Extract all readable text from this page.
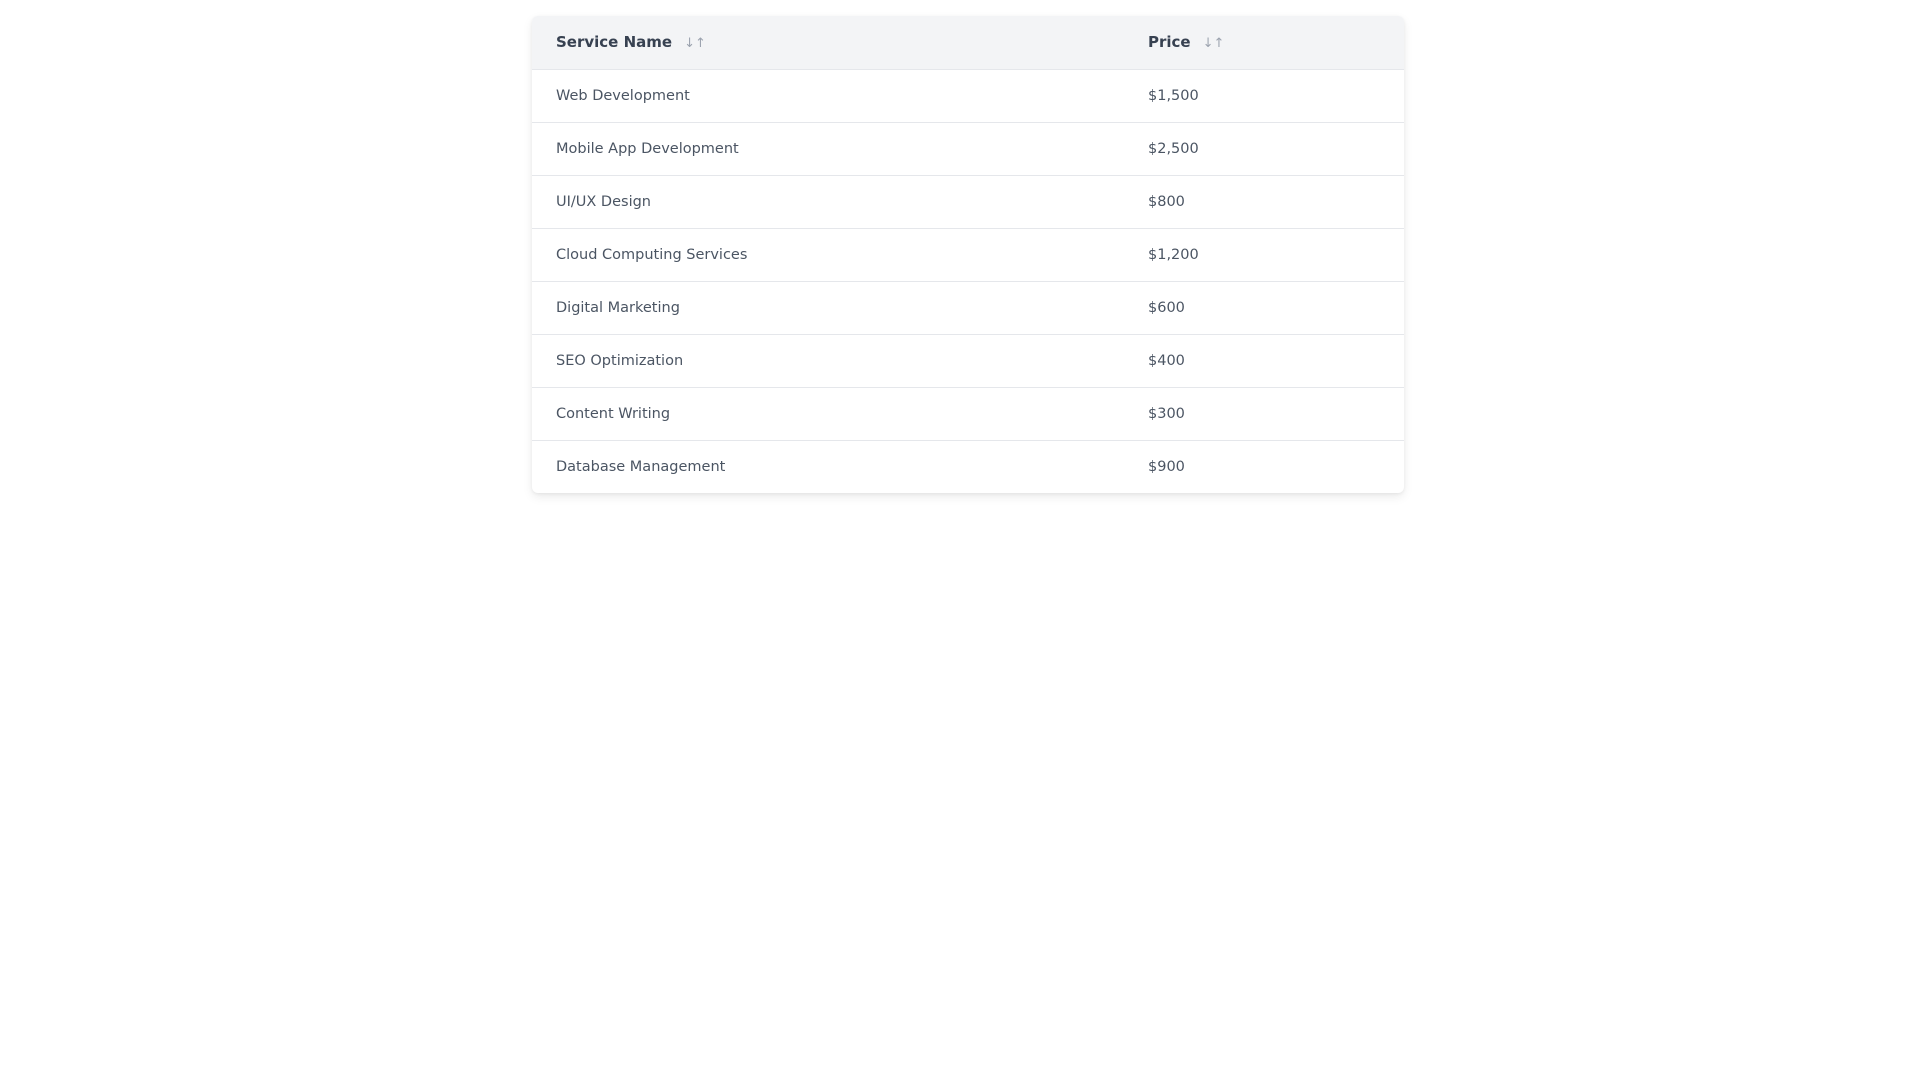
Service Name ↓↑	Price ↓↑
Web Development	$1,500
Mobile App Development	$2,500
UI/UX Design	$800
Cloud Computing Services	$1,200
Digital Marketing	$600
SEO Optimization	$400
Content Writing	$300
Database Management	$900
